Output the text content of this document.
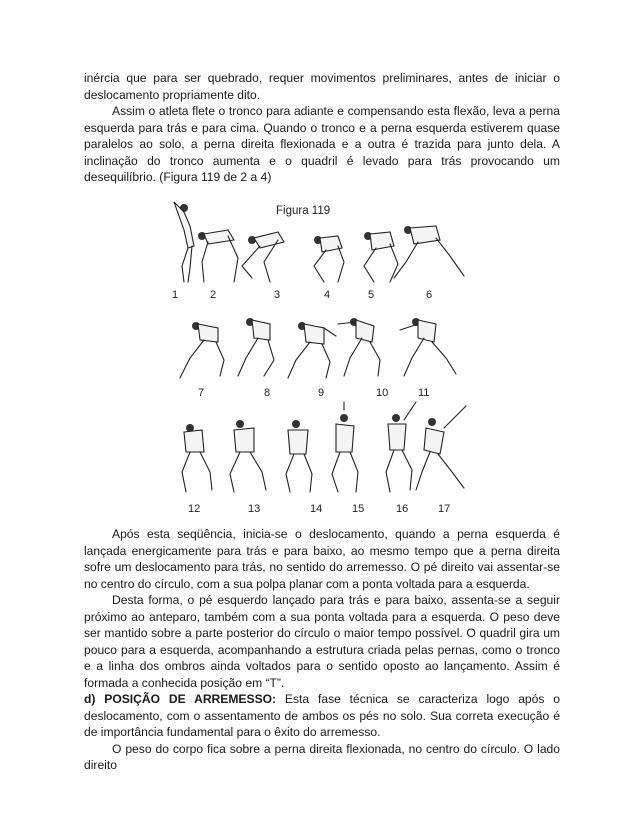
inércia que para ser quebrado, requer movimentos preliminares, antes de iniciar o deslocamento propriamente dito.

Assim o atleta flete o tronco para adiante e compensando esta flexão, leva a perna esquerda para trás e para cima. Quando o tronco e a perna esquerda estiverem quase paralelos ao solo, a perna direita flexionada e a outra é trazida para junto dela. A inclinação do tronco aumenta e o quadril é levado para trás provocando um desequilíbrio. (Figura 119 de 2 a 4)

Figura 119
1	2	3	4	5	6
7	8	9	10	11
12	13	14	15	16	17

Após esta seqüência, inicia-se o deslocamento, quando a perna esquerda é lançada energicamente para trás e para baixo, ao mesmo tempo que a perna direita sofre um deslocamento para trás, no sentido do arremesso. O pé direito vai assentar-se no centro do círculo, com a sua polpa planar com a ponta voltada para a esquerda.

Desta forma, o pé esquerdo lançado para trás e para baixo, assenta-se a seguir próximo ao anteparo, também com a sua ponta voltada para a esquerda. O peso deve ser mantido sobre a parte posterior do círculo o maior tempo possível. O quadril gira um pouco para a esquerda, acompanhando a estrutura criada pelas pernas, como o tronco e a linha dos ombros ainda voltados para o sentido oposto ao lançamento. Assim é formada a conhecida posição em “T”.

d) POSIÇÃO DE ARREMESSO: Esta fase técnica se caracteriza logo após o deslocamento, com o assentamento de ambos os pés no solo. Sua correta execução é de importância fundamental para o êxito do arremesso.

O peso do corpo fica sobre a perna direita flexionada, no centro do círculo. O lado direito
